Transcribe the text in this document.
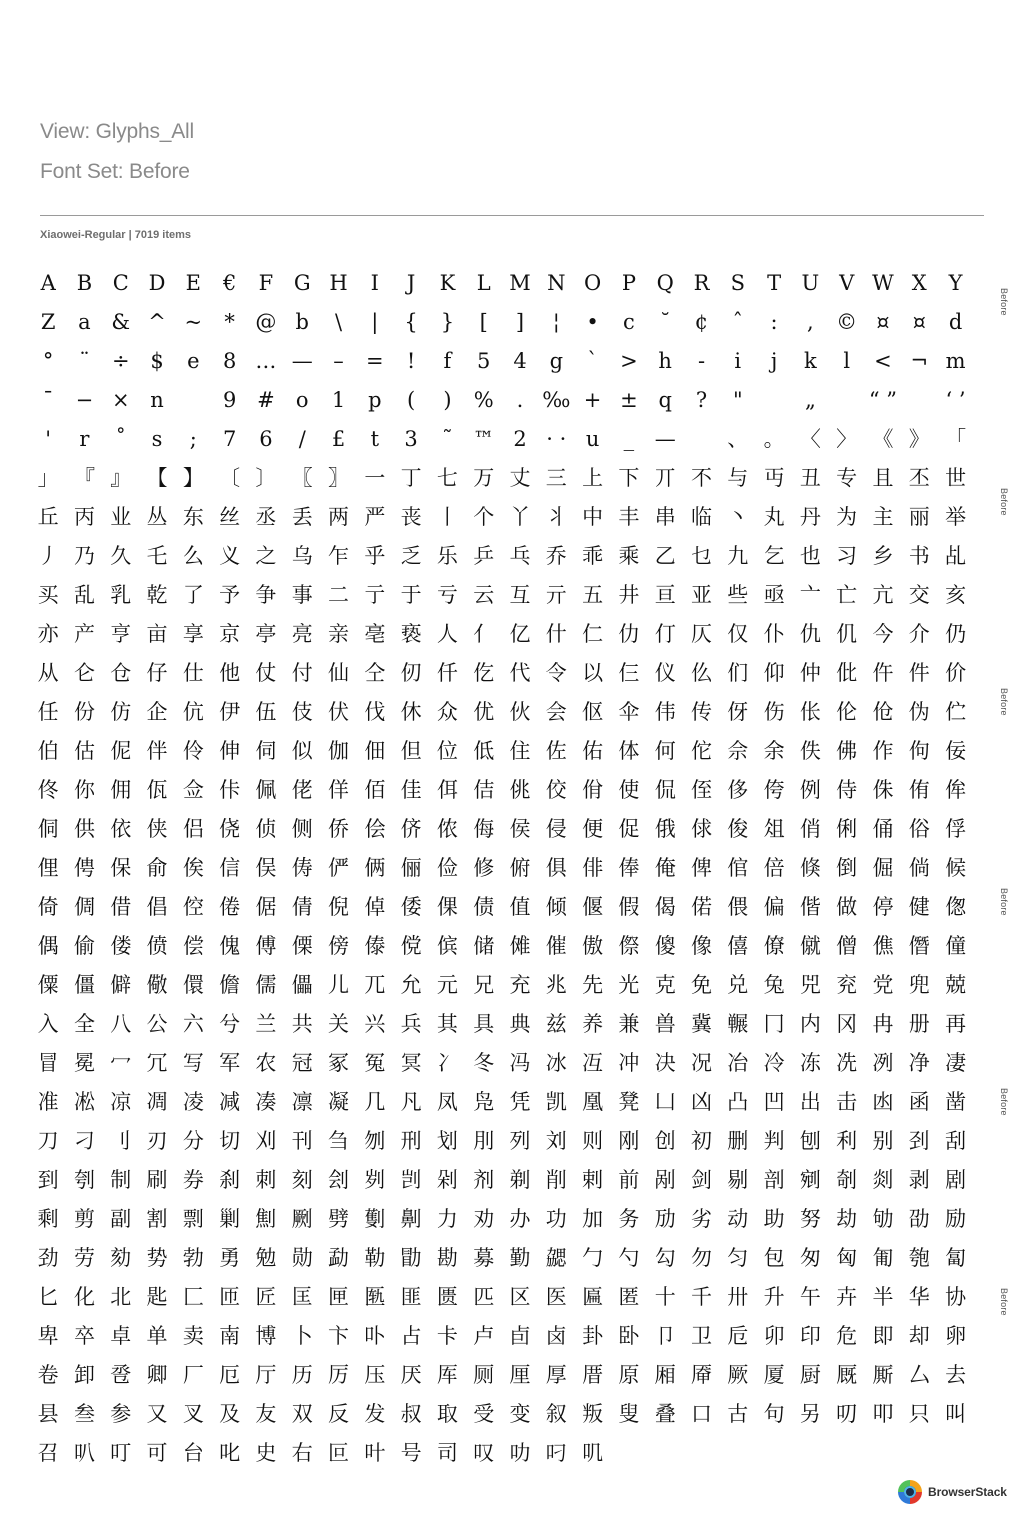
View: Glyphs_All
Font Set: Before
Xiaowei-Regular | 7019 items
A B C D E	€	F G H	I	J	K	L M N O P Q R	S	T U V W X	Y
Z	a & ^ ~	* @ b	\	|	{	}	[	]	¦	•	c	˘	¢	ˆ	:	,	© ¤	¤	d
°	¨	÷ $	e	8 … — –	=	!	f	5	4	g	`	> h	-	i	j	k	l	< ¬ m
¯	− × n	9 #	o	1	p	(	)	%	. ‰ + ± q	?	"	„	“ ”	‘ ’
'	r	˚	s	;	7	6	/	£	t	3	˜ ™ 2 · · u	_ —	、 。 〈 〉 《 》 「
」 『 』 【 】 〔 〕 〖 〗 一 丁 七 万 丈 三 上 下 丌 不 与 丏 丑 专 且 丕 世
丘 丙 业 丛 东 丝 丞 丢 两 严 丧 丨 个 丫 丬 中 丰 串 临 丶 丸 丹 为 主 丽 举
丿 乃 久 乇 么 义 之 乌 乍 乎 乏 乐 乒 乓 乔 乖 乘 乙 乜 九 乞 也 习 乡 书 乩
买 乱 乳 乾 了 予 争 事 二 亍 于 亏 云 互 亓 五 井 亘 亚 些 亟 亠 亡 亢 交 亥
亦 产 亨 亩 享 京 亭 亮 亲 亳 亵 人 亻 亿 什 仁 仂 仃 仄 仅 仆 仇 仉 今 介 仍
从 仑 仓 仔 仕 他 仗 付 仙 仝 仞 仟 仡 代 令 以 仨 仪 仫 们 仰 仲 仳 仵 件 价
任 份 仿 企 伉 伊 伍 伎 伏 伐 休 众 优 伙 会 伛 伞 伟 传 伢 伤 伥 伦 伧 伪 伫
伯 估 伲 伴 伶 伸 伺 似 伽 佃 但 位 低 住 佐 佑 体 何 佗 佘 余 佚 佛 作 佝 佞
佟 你 佣 佤 佥 佧 佩 佬 佯 佰 佳 佴 佶 佻 佼 佾 使 侃 侄 侈 侉 例 侍 侏 侑 侔
侗 供 依 侠 侣 侥 侦 侧 侨 侩 侪 侬 侮 侯 侵 便 促 俄 俅 俊 俎 俏 俐 俑 俗 俘
俚 俜 保 俞 俟 信 俣 俦 俨 俩 俪 俭 修 俯 俱 俳 俸 俺 俾 倌 倍 倏 倒 倔 倘 候
倚 倜 借 倡 倥 倦 倨 倩 倪 倬 倭 倮 债 值 倾 偃 假 偈 偌 偎 偏 偕 做 停 健 偬
偶 偷 偻 偾 偿 傀 傅 傈 傍 傣 傥 傧 储 傩 催 傲 傺 傻 像 僖 僚 僦 僧 僬 僭 僮
僳 僵 僻 儆 儇 儋 儒 儡 儿 兀 允 元 兄 充 兆 先 光 克 免 兑 兔 兕 兖 党 兜 兢
入 全 八 公 六 兮 兰 共 关 兴 兵 其 具 典 兹 养 兼 兽 冀 冁 冂 内 冈 冉 册 再
冒 冕 冖 冗 写 军 农 冠 冢 冤 冥 冫 冬 冯 冰 冱 冲 决 况 冶 冷 冻 冼 冽 净 凄
准 凇 凉 凋 凌 减 凑 凛 凝 几 凡 凤 凫 凭 凯 凰 凳 凵 凶 凸 凹 出 击 凼 函 凿
刀 刁 刂 刃 分 切 刈 刊 刍 刎 刑 划 刖 列 刘 则 刚 创 初 删 判 刨 利 别 刭 刮
到 刳 制 刷 券 刹 刺 刻 刽 刿 剀 剁 剂 剃 削 剌 前 剐 剑 剔 剖 剜 剞 剡 剥 剧
剩 剪 副 割 剽 剿 劁 劂 劈 劐 劓 力 劝 办 功 加 务 劢 劣 动 助 努 劫 劬 劭 励
劲 劳 劾 势 勃 勇 勉 勋 勐 勒 勖 勘 募 勤 勰 勹 勺 勾 勿 匀 包 匆 匈 匍 匏 匐
匕 化 北 匙 匚 匝 匠 匡 匣 匦 匪 匮 匹 区 医 匾 匿 十 千 卅 升 午 卉 半 华 协
卑 卒 卓 单 卖 南 博 卜 卞 卟 占 卡 卢 卣 卤 卦 卧 卩 卫 卮 卯 印 危 即 却 卵
卷 卸 卺 卿 厂 厄 厅 历 厉 压 厌 厍 厕 厘 厚 厝 原 厢 厣 厥 厦 厨 厩 厮 厶 去
县 叁 参 又 叉 及 友 双 反 发 叔 取 受 变 叙 叛 叟 叠 口 古 句 另 叨 叩 只 叫
召 叭 叮 可 台 叱 史 右 叵 叶 号 司 叹 叻 叼 叽
Before
Before
Before
Before
Before
Before
BrowserStack
